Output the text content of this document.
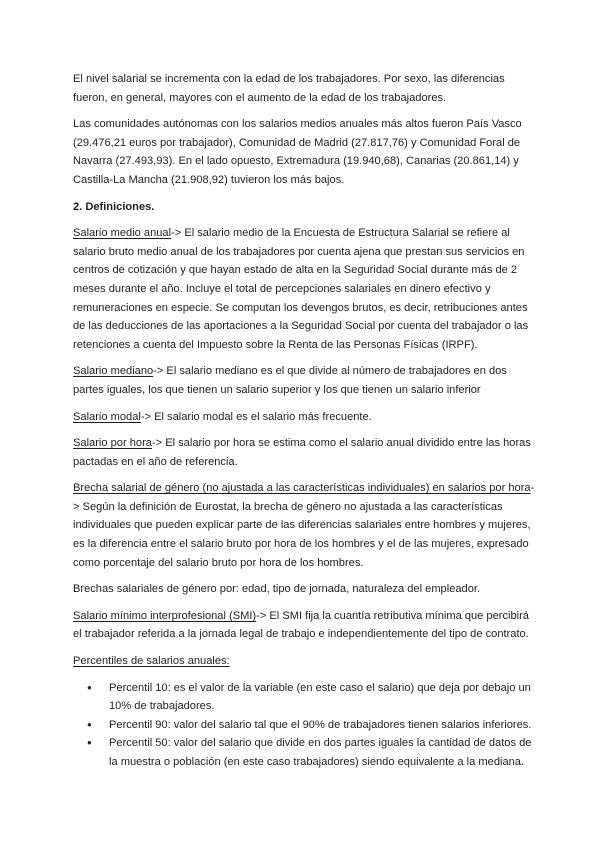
El nivel salarial se incrementa con la edad de los trabajadores. Por sexo, las diferencias fueron, en general, mayores con el aumento de la edad de los trabajadores.

Las comunidades autónomas con los salarios medios anuales más altos fueron País Vasco (29.476,21 euros por trabajador), Comunidad de Madrid (27.817,76) y Comunidad Foral de Navarra (27.493,93). En el lado opuesto, Extremadura (19.940,68), Canarias (20.861,14) y Castilla-La Mancha (21.908,92) tuvieron los más bajos.

2. Definiciones.

Salario medio anual-> El salario medio de la Encuesta de Estructura Salarial se refiere al salario bruto medio anual de los trabajadores por cuenta ajena que prestan sus servicios en centros de cotización y que hayan estado de alta en la Seguridad Social durante más de 2 meses durante el año. Incluye el total de percepciones salariales en dinero efectivo y remuneraciones en especie. Se computan los devengos brutos, es decir, retribuciones antes de las deducciones de las aportaciones a la Seguridad Social por cuenta del trabajador o las retenciones a cuenta del Impuesto sobre la Renta de las Personas Físicas (IRPF).

Salario mediano-> El salario mediano es el que divide al número de trabajadores en dos partes iguales, los que tienen un salario superior y los que tienen un salario inferior

Salario modal-> El salario modal es el salario más frecuente.

Salario por hora-> El salario por hora se estima como el salario anual dividido entre las horas pactadas en el año de referencia.

Brecha salarial de género (no ajustada a las características individuales) en salarios por hora-> Según la definición de Eurostat, la brecha de género no ajustada a las características individuales que pueden explicar parte de las diferencias salariales entre hombres y mujeres, es la diferencia entre el salario bruto por hora de los hombres y el de las mujeres, expresado como porcentaje del salario bruto por hora de los hombres.

Brechas salariales de género por: edad, tipo de jornada, naturaleza del empleador.

Salario mínimo interprofesional (SMI)-> El SMI fija la cuantía retributiva mínima que percibirá el trabajador referida a la jornada legal de trabajo e independientemente del tipo de contrato.

Percentiles de salarios anuales:

● Percentil 10: es el valor de la variable (en este caso el salario) que deja por debajo un 10% de trabajadores.
● Percentil 90: valor del salario tal que el 90% de trabajadores tienen salarios inferiores.
● Percentil 50: valor del salario que divide en dos partes iguales la cantidad de datos de la muestra o población (en este caso trabajadores) siendo equivalente a la mediana.
